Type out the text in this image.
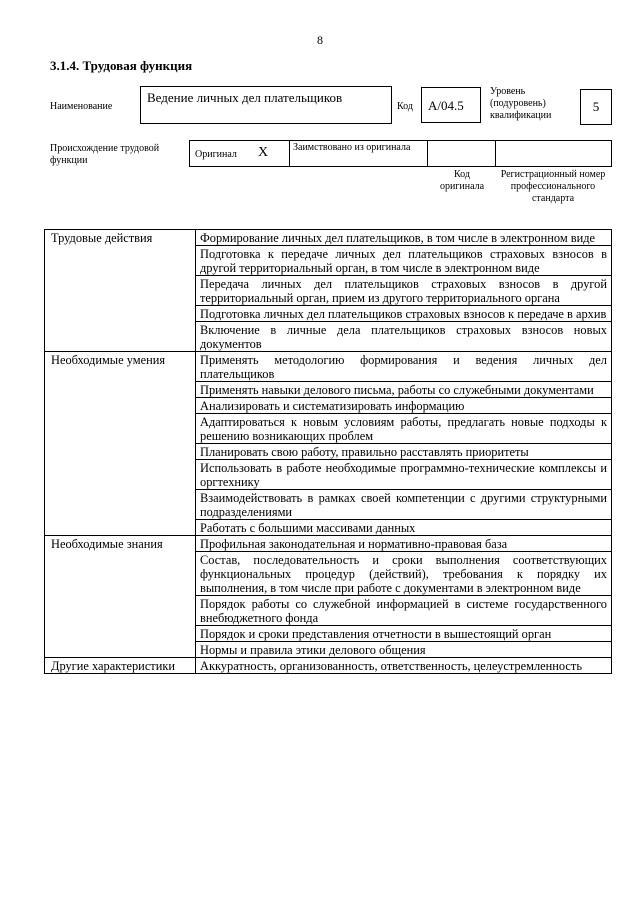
8
3.1.4. Трудовая функция
Наименование
Ведение личных дел плательщиков
Код	А/04.5
Уровень (подуровень) квалификации
5
Происхождение трудовой функции
Оригинал X Заимствовано из оригинала
Код оригинала
Регистрационный номер профессионального стандарта
Трудовые действия	Формирование личных дел плательщиков, в том числе в электронном виде
	Подготовка к передаче личных дел плательщиков страховых взносов в другой территориальный орган, в том числе в электронном виде
	Передача личных дел плательщиков страховых взносов в другой территориальный орган, прием из другого территориального органа
	Подготовка личных дел плательщиков страховых взносов к передаче в архив
	Включение в личные дела плательщиков страховых взносов новых документов
Необходимые умения	Применять методологию формирования и ведения личных дел плательщиков
	Применять навыки делового письма, работы со служебными документами
	Анализировать и систематизировать информацию
	Адаптироваться к новым условиям работы, предлагать новые подходы к решению возникающих проблем
	Планировать свою работу, правильно расставлять приоритеты
	Использовать в работе необходимые программно-технические комплексы и оргтехнику
	Взаимодействовать в рамках своей компетенции с другими структурными подразделениями
	Работать с большими массивами данных
Необходимые знания	Профильная законодательная и нормативно-правовая база
	Состав, последовательность и сроки выполнения соответствующих функциональных процедур (действий), требования к порядку их выполнения, в том числе при работе с документами в электронном виде
	Порядок работы со служебной информацией в системе государственного внебюджетного фонда
	Порядок и сроки представления отчетности в вышестоящий орган
	Нормы и правила этики делового общения
Другие характеристики	Аккуратность, организованность, ответственность, целеустремленность
